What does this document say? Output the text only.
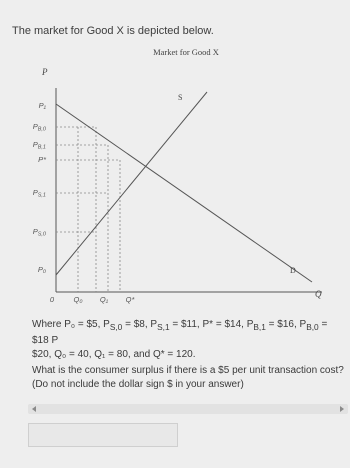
The market for Good X is depicted below.
Market for Good X
P
Q
S
D
P₁
$P_{B,0}$
$P_{B,1}$
P*
$P_{S,1}$
$P_{S,0}$
P₀
0	Q₀ Q₁ Q*
Where P₀ = $5, $P_{S,0}$ = $8, $P_{S,1}$ = $11, P* = $14, $P_{B,1}$ = $16, $P_{B,0}$ = $18 P
$20, Q₀ = 40, Q₁ = 80, and Q* = 120.
What is the consumer surplus if there is a $5 per unit transaction cost? (Do not include the dollar sign $ in your answer)
